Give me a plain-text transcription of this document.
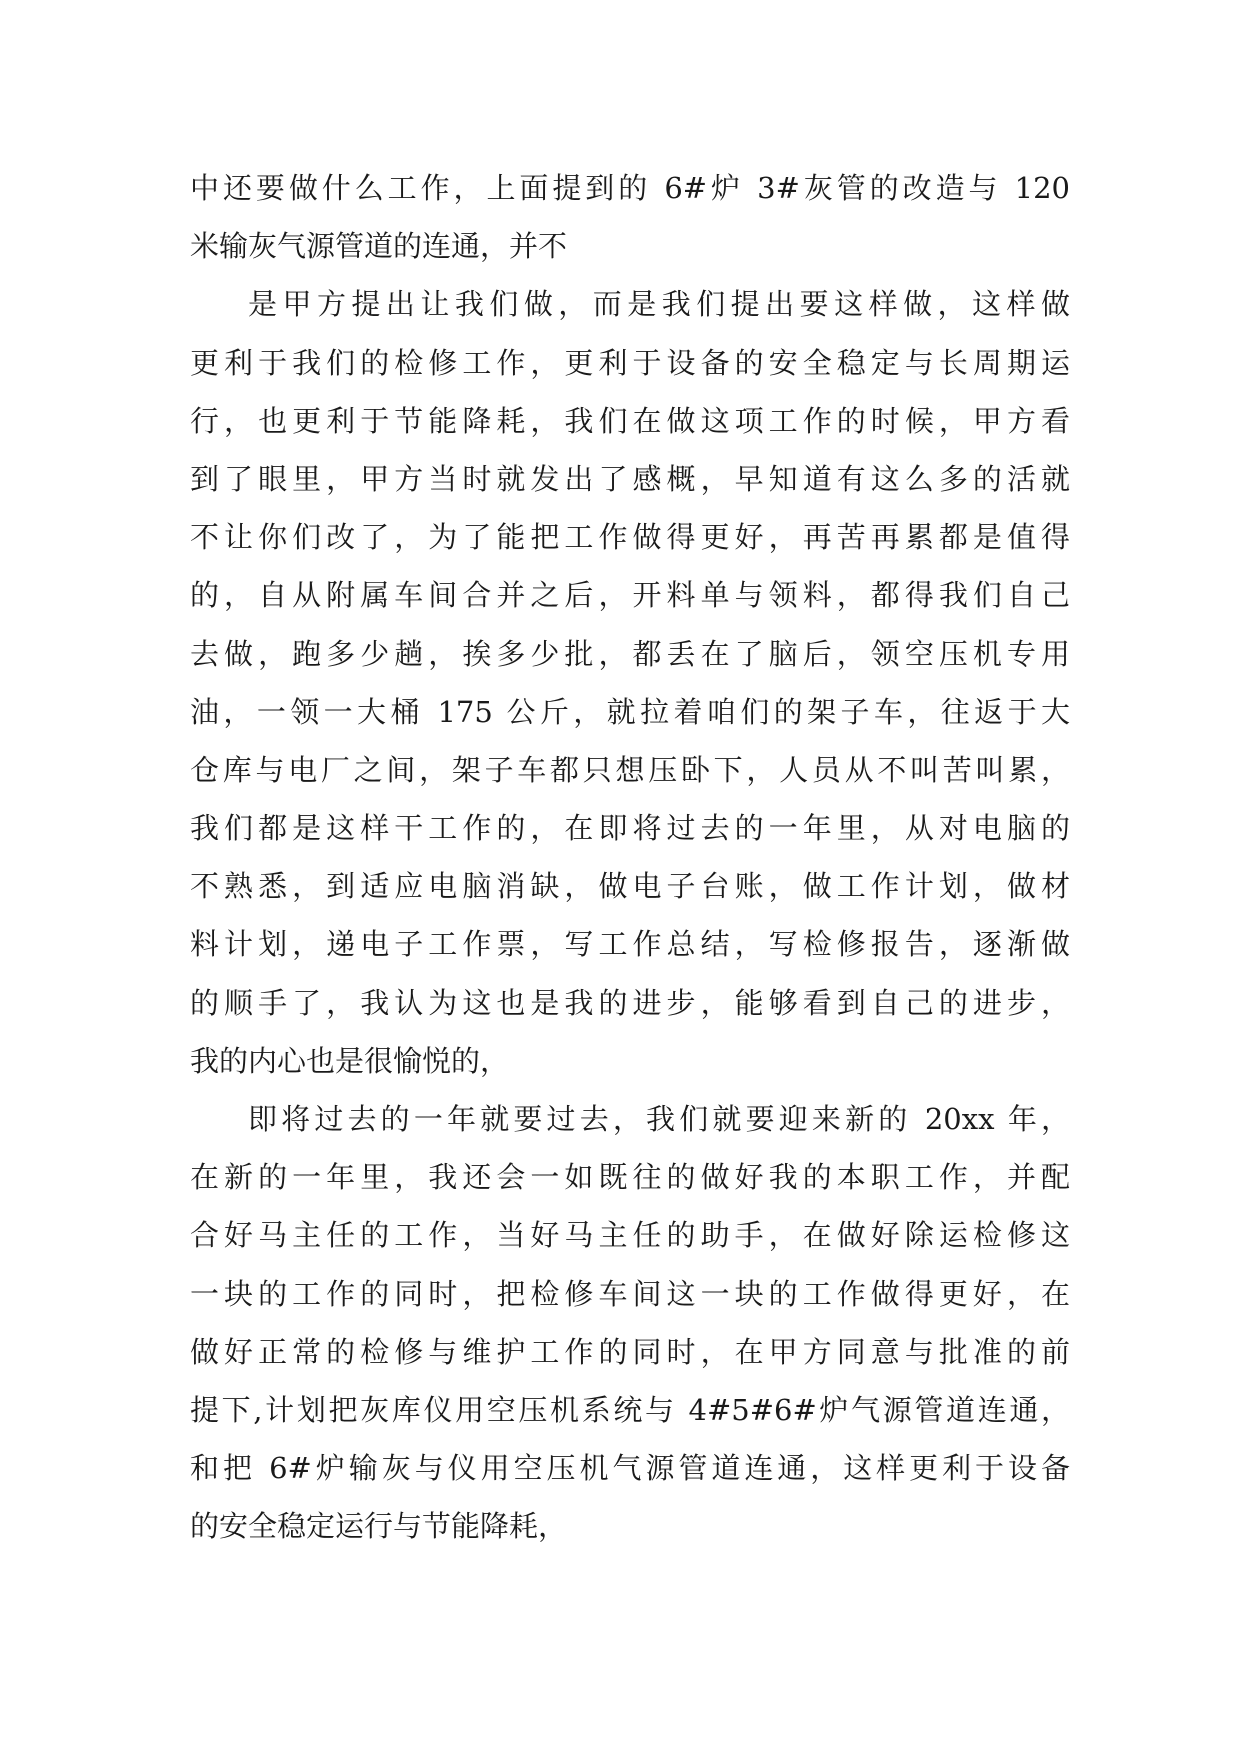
中还要做什么工作，上面提到的 6#炉 3#灰管的改造与 120
米输灰气源管道的连通，并不
是甲方提出让我们做，而是我们提出要这样做，这样做
更利于我们的检修工作，更利于设备的安全稳定与长周期运
行，也更利于节能降耗，我们在做这项工作的时候，甲方看
到了眼里，甲方当时就发出了感概，早知道有这么多的活就
不让你们改了，为了能把工作做得更好，再苦再累都是值得
的，自从附属车间合并之后，开料单与领料，都得我们自己
去做，跑多少趟，挨多少批，都丢在了脑后，领空压机专用
油，一领一大桶 175 公斤，就拉着咱们的架子车，往返于大
仓库与电厂之间，架子车都只想压卧下，人员从不叫苦叫累，
我们都是这样干工作的，在即将过去的一年里，从对电脑的
不熟悉，到适应电脑消缺，做电子台账，做工作计划，做材
料计划，递电子工作票，写工作总结，写检修报告，逐渐做
的顺手了，我认为这也是我的进步，能够看到自己的进步，
我的内心也是很愉悦的，
即将过去的一年就要过去，我们就要迎来新的 20xx 年，
在新的一年里，我还会一如既往的做好我的本职工作，并配
合好马主任的工作，当好马主任的助手，在做好除运检修这
一块的工作的同时，把检修车间这一块的工作做得更好，在
做好正常的检修与维护工作的同时，在甲方同意与批准的前
提下,计划把灰库仪用空压机系统与 4#5#6#炉气源管道连通，
和把 6#炉输灰与仪用空压机气源管道连通，这样更利于设备
的安全稳定运行与节能降耗，
